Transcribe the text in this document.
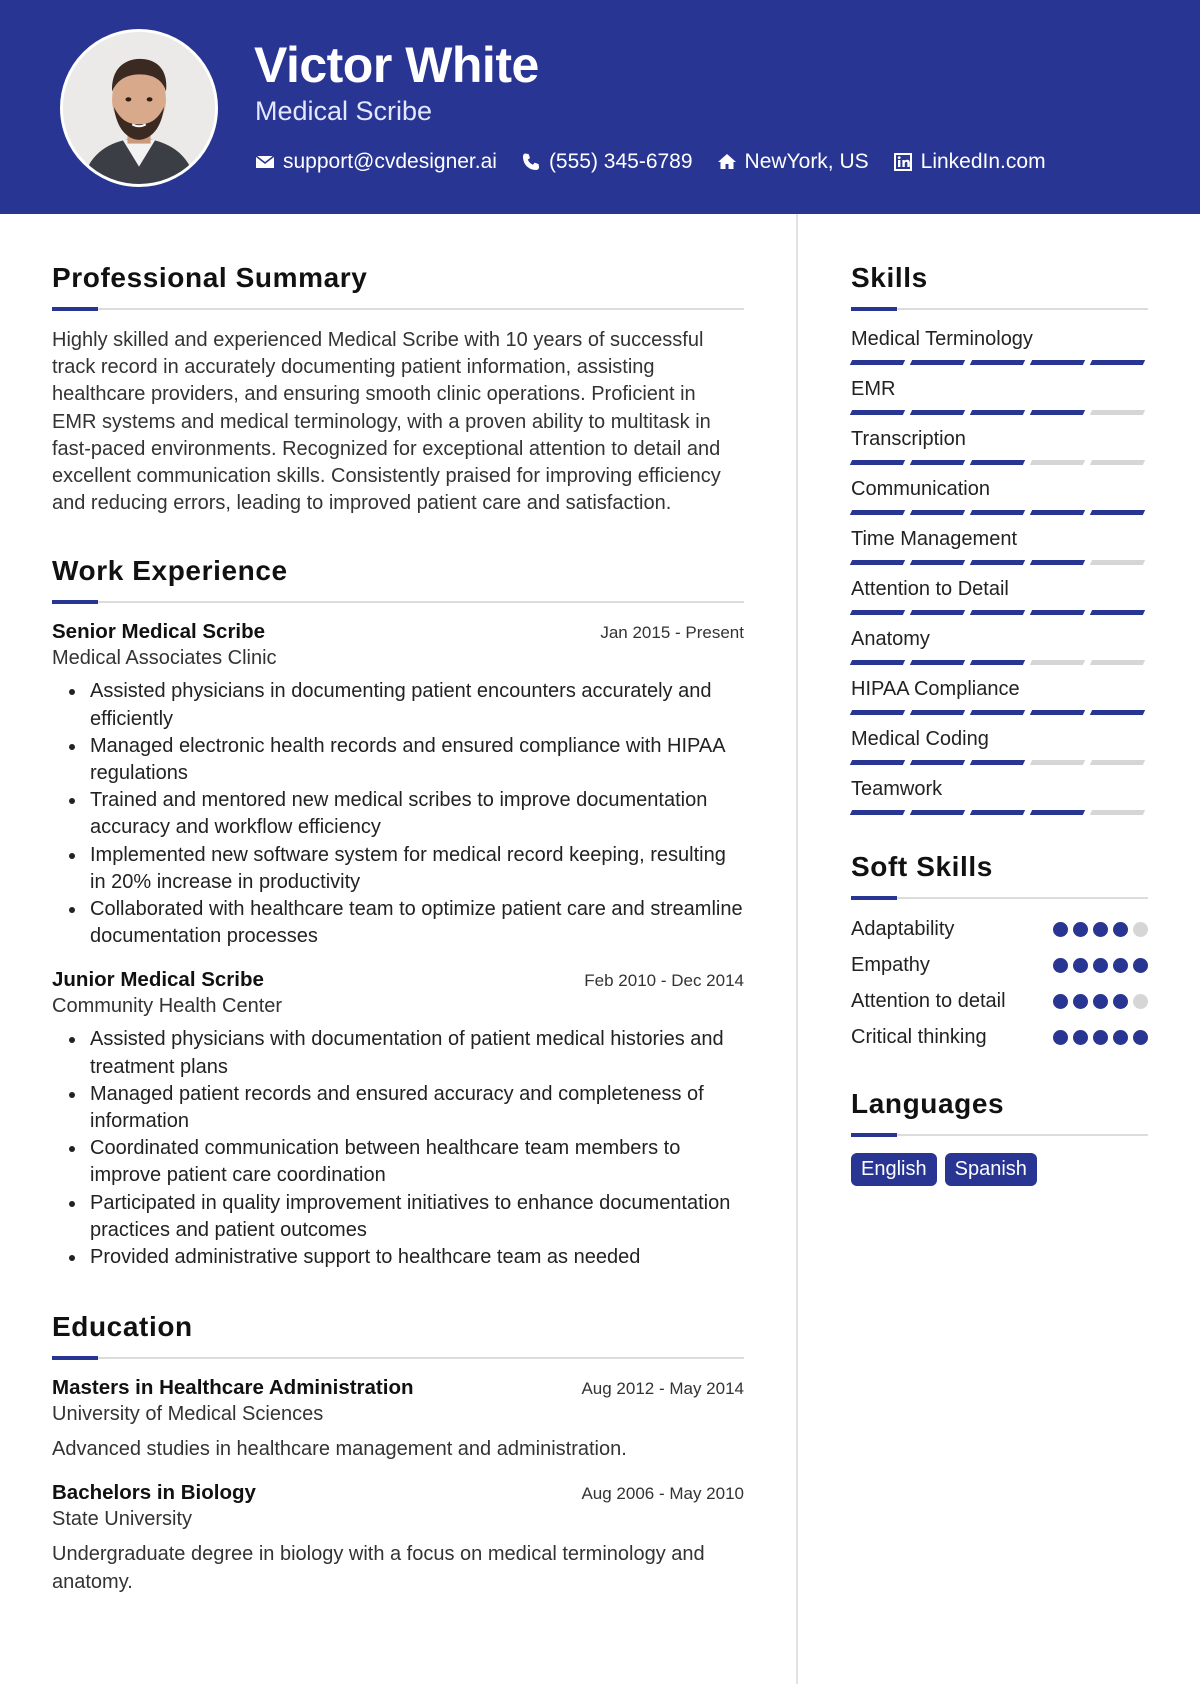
Victor White
Medical Scribe
support@cvdesigner.ai (555) 345-6789 NewYork, US LinkedIn.com
Professional Summary

Highly skilled and experienced Medical Scribe with 10 years of successful track record in accurately documenting patient information, assisting healthcare providers, and ensuring smooth clinic operations. Proficient in EMR systems and medical terminology, with a proven ability to multitask in fast-paced environments. Recognized for exceptional attention to detail and excellent communication skills. Consistently praised for improving efficiency and reducing errors, leading to improved patient care and satisfaction.

Work Experience
Senior Medical Scribe	Jan 2015 - Present
Medical Associates Clinic
Assisted physicians in documenting patient encounters accurately and efficiently
Managed electronic health records and ensured compliance with HIPAA regulations
Trained and mentored new medical scribes to improve documentation accuracy and workflow efficiency
Implemented new software system for medical record keeping, resulting in 20% increase in productivity
Collaborated with healthcare team to optimize patient care and streamline documentation processes
Junior Medical Scribe	Feb 2010 - Dec 2014
Community Health Center
Assisted physicians with documentation of patient medical histories and treatment plans
Managed patient records and ensured accuracy and completeness of information
Coordinated communication between healthcare team members to improve patient care coordination
Participated in quality improvement initiatives to enhance documentation practices and patient outcomes
Provided administrative support to healthcare team as needed
Education
Masters in Healthcare Administration	Aug 2012 - May 2014
University of Medical Sciences

Advanced studies in healthcare management and administration.

Bachelors in Biology	Aug 2006 - May 2010
State University

Undergraduate degree in biology with a focus on medical terminology and anatomy.

Skills
Medical Terminology
EMR
Transcription
Communication
Time Management
Attention to Detail
Anatomy
HIPAA Compliance
Medical Coding
Teamwork
Soft Skills
Adaptability
Empathy
Attention to detail
Critical thinking
Languages
English	Spanish
